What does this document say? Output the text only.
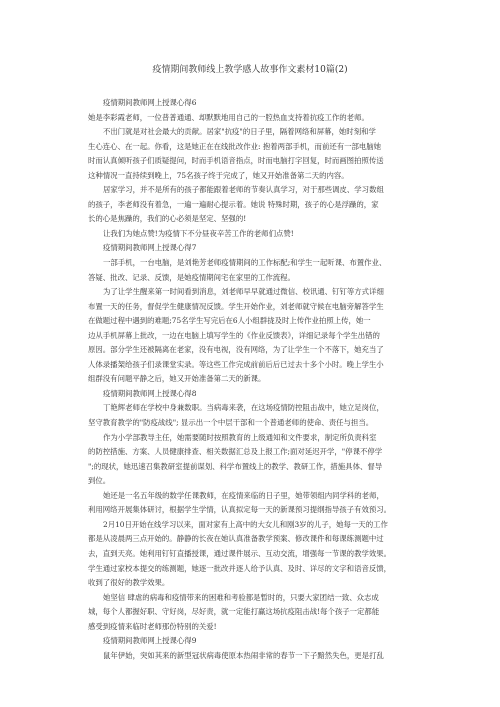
疫情期间教师线上教学感人故事作文素材10篇(2)
疫情期间教师网上授课心得6
她是李彩霞老师，一位普普通通、却默默地用自己的一腔热血支持着抗疫工作的老师。
不出门就是对社会最大的贡献。居家"抗疫"的日子里，隔着网络和屏幕，她时刻和学
生心连心、在一起。你看，这是她正在在线批改作业: 抱着两部手机，而前还有一部电脑她
时而认真倾听孩子们质疑提问，时而手机语音指点，时而电脑打字回复，时而画图拍照传送
这种情况一直持续到晚上，75名孩子终于完成了，她又开始准备第二天的内容。
居家学习，并不是所有的孩子都能跟着老师的节奏认真学习，对于那些调皮、学习数组
的孩子，李老师没有着急，一遍一遍耐心提示着。她说 特殊时期，孩子的心是浮躁的，家
长的心是焦躁的，我们的心必须是坚定、坚强的!
让我们为她点赞!为疫情下不分昼夜辛苦工作的老师们点赞!
疫情期间教师网上授课心得7
一部手机，一台电脑，是刘艳芳老师疫情期间的工作标配;和学生一起听课、布置作业、
答疑、批改、记录、反馈，是她疫情期间宅在家里的工作流程。
为了让学生醒来第一时间看到消息，刘老师早早就通过微信、校讯通、钉钉等方式详细
布置一天的任务，督促学生健康情况反馈。学生开始作业，刘老师就守候在电脑旁解答学生
在做题过程中遇到的难题;75名学生写完后在6人小组群拢及时上传作业拍照上传，她一
边从手机屏幕上批改，一边在电脑上填写学生的《作业反馈表》，详细记录每个学生出错的
原因。部分学生还被隔离在老家，没有电视，没有网络，为了让学生一个不落下，她充当了
人体录播架给孩子们录课堂实录。等这些工作完成前前后后已过去十多个小时。晚上学生小
组群没有问题平静之后，她又开始准备第二天的新课。
疫情期间教师网上授课心得8
丁艳辉老师在学校中身兼数职。当病毒来袭，在这场疫情防控阻击战中，她立足岗位，
坚守教育教学的"防疫战线"; 显示出一个中层干部和一个普通老师的使命、责任与担当。
作为小学部教导主任，她需要随时按照教育的上级通知和文件要求，制定所负责科室
的防控措施、方案、人员健康排查、相关数据汇总及上报工作;面对延迟开学，"停课不停学
";的现状，她迅速召集教研室提前谋划、科学布置线上的教学、教研工作，措施具体、督导
到位。
她还是一名五年级的数学任课教师，在疫情来临的日子里，她带领组内同学科的老师，
利用网络开展集体研讨，根据学生学情，认真拟定每一天的新课预习提纲指导孩子有效预习。
2月10日开始在线学习以来，面对家有上高中的大女儿和刚3岁的儿子，她每一天的工作
都是从凌晨两三点开始的。静静的长夜在她认真准备教学预案、修改课件和每课练测题中过
去，直到天亮。她利用钉钉直播授课，通过课件展示、互动交流，增强每一节课的教学效果。
学生通过家校本提交的练测题，她逐一批改并逐人给予认真、及时、详尽的文字和语音反馈，
收到了很好的教学效果。
她坚信 肆虐的病毒和疫情带来的困难和考验都是暂时的，只要大家团结一致、众志成
城，每个人都握好职、守好岗，尽好责，就一定能打赢这场抗疫阻击战!每个孩子一定都能
感受到疫情来临时老师那份特别的关爱!
疫情期间教师网上授课心得9
鼠年伊始，突如其来的新型冠状病毒使原本热闹非常的春节一下子黯然失色，更是打乱
